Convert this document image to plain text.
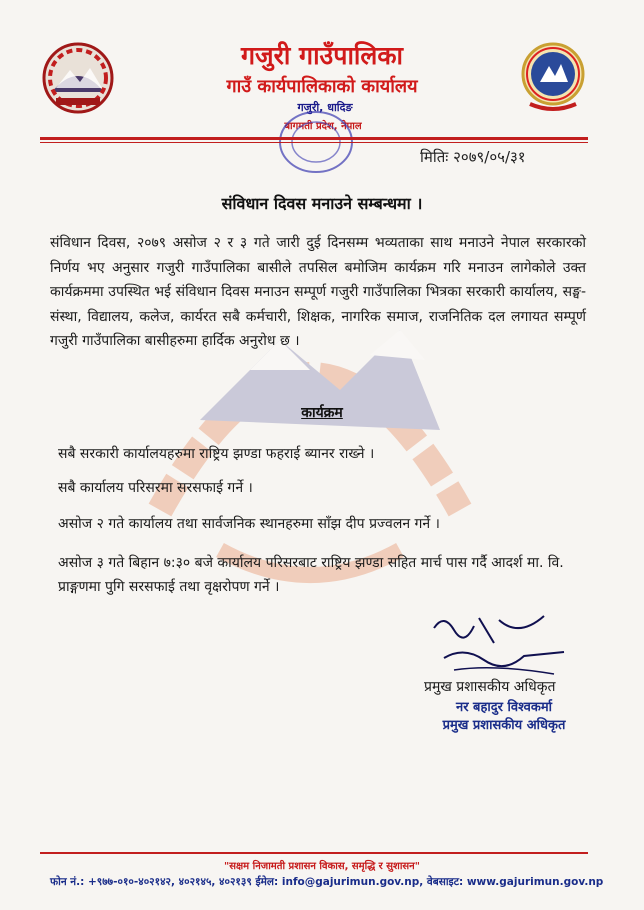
गजुरी गाउँपालिका
गाउँ कार्यपालिकाको कार्यालय
गजुरी, धादिङ
बागमती प्रदेश, नेपाल
मितिः २०७९/०५/३१
संविधान दिवस मनाउने सम्बन्धमा ।
संविधान दिवस, २०७९ असोज २ र ३ गते जारी दुई दिनसम्म भव्यताका साथ मनाउने नेपाल सरकारको निर्णय भए अनुसार गजुरी गाउँपालिका बासीले तपसिल बमोजिम कार्यक्रम गरि मनाउन लागेकोले उक्त कार्यक्रममा उपस्थित भई संविधान दिवस मनाउन सम्पूर्ण गजुरी गाउँपालिका भित्रका सरकारी कार्यालय, सङ्घ-संस्था, विद्यालय, कलेज, कार्यरत सबै कर्मचारी, शिक्षक, नागरिक समाज, राजनितिक दल लगायत सम्पूर्ण गजुरी गाउँपालिका बासीहरुमा हार्दिक अनुरोध छ ।
कार्यक्रम
सबै सरकारी कार्यालयहरुमा राष्ट्रिय झण्डा फहराई ब्यानर राख्ने ।
सबै कार्यालय परिसरमा सरसफाई गर्ने ।
असोज २ गते कार्यालय तथा सार्वजनिक स्थानहरुमा साँझ दीप प्रज्वलन गर्ने ।
असोज ३ गते बिहान ७:३० बजे कार्यालय परिसरबाट राष्ट्रिय झण्डा सहित मार्च पास गर्दै आदर्श मा. वि. प्राङ्गणमा पुगि सरसफाई तथा वृक्षरोपण गर्ने ।
प्रमुख प्रशासकीय अधिकृत
नर बहादुर विश्वकर्मा
प्रमुख प्रशासकीय अधिकृत
"सक्षम निजामती प्रशासन विकास, समृद्धि र सुशासन"
फोन नं.: +९७७-०१०-४०२१४२, ४०२१४५, ४०२१३९ ईमेल: info@gajurimun.gov.np, वेबसाइट: www.gajurimun.gov.np
